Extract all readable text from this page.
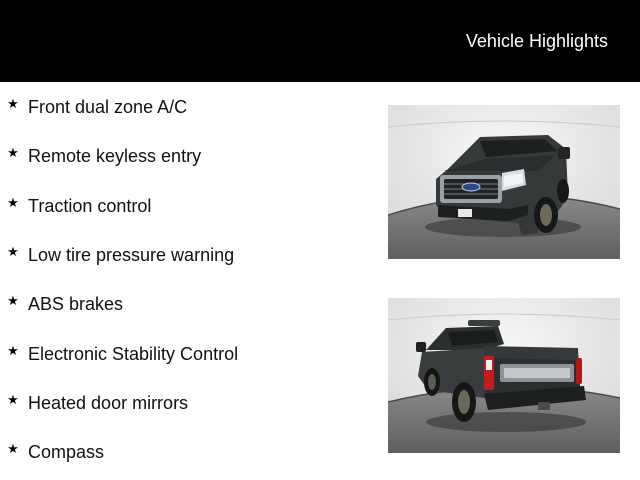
Vehicle Highlights
★ Front dual zone A/C
★ Remote keyless entry
★ Traction control
★ Low tire pressure warning
★ ABS brakes
★ Electronic Stability Control
★ Heated door mirrors
★ Compass
